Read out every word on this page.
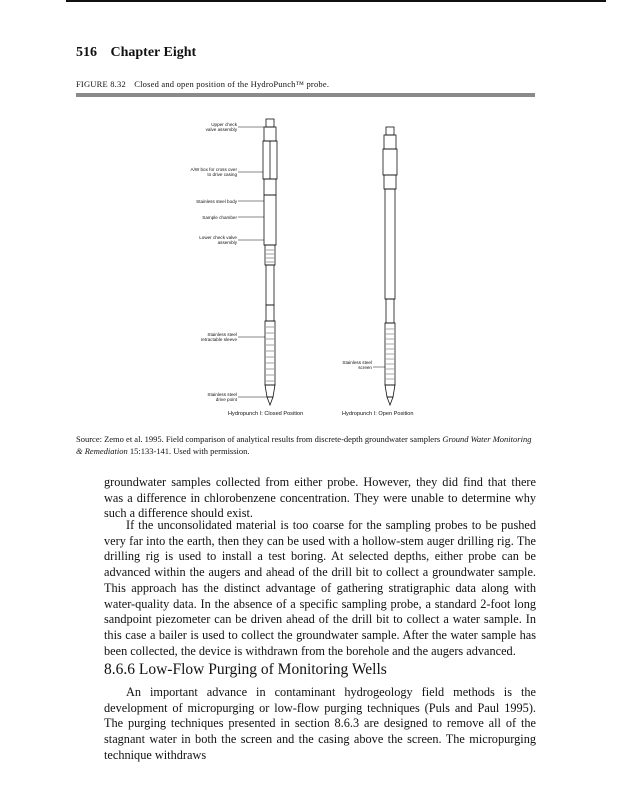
516 Chapter Eight
FIGURE 8.32 Closed and open position of the HydroPunch™ probe.
Upper check
valve assembly
A/W box for cross over
to drive casing
Stainless steel body
Sample chamber
Lower check valve
assembly
Stainless steel
retractable sleeve
Stainless steel
drive point
Stainless steel
screen
Hydropunch I: Closed Position	Hydropunch I: Open Position
Source: Zemo et al. 1995. Field comparison of analytical results from discrete-depth groundwater samplers Ground Water Monitoring & Remediation 15:133-141. Used with permission.

groundwater samples collected from either probe. However, they did find that there was a difference in chlorobenzene concentration. They were unable to determine why such a difference should exist.

If the unconsolidated material is too coarse for the sampling probes to be pushed very far into the earth, then they can be used with a hollow-stem auger drilling rig. The drilling rig is used to install a test boring. At selected depths, either probe can be advanced within the augers and ahead of the drill bit to collect a groundwater sample. This approach has the distinct advantage of gathering stratigraphic data along with water-quality data. In the absence of a specific sampling probe, a standard 2-foot long sandpoint piezometer can be driven ahead of the drill bit to collect a water sample. In this case a bailer is used to collect the groundwater sample. After the water sample has been collected, the device is withdrawn from the borehole and the augers advanced.

8.6.6 Low-Flow Purging of Monitoring Wells

An important advance in contaminant hydrogeology field methods is the development of micropurging or low-flow purging techniques (Puls and Paul 1995). The purging techniques presented in section 8.6.3 are designed to remove all of the stagnant water in both the screen and the casing above the screen. The micropurging technique withdraws
